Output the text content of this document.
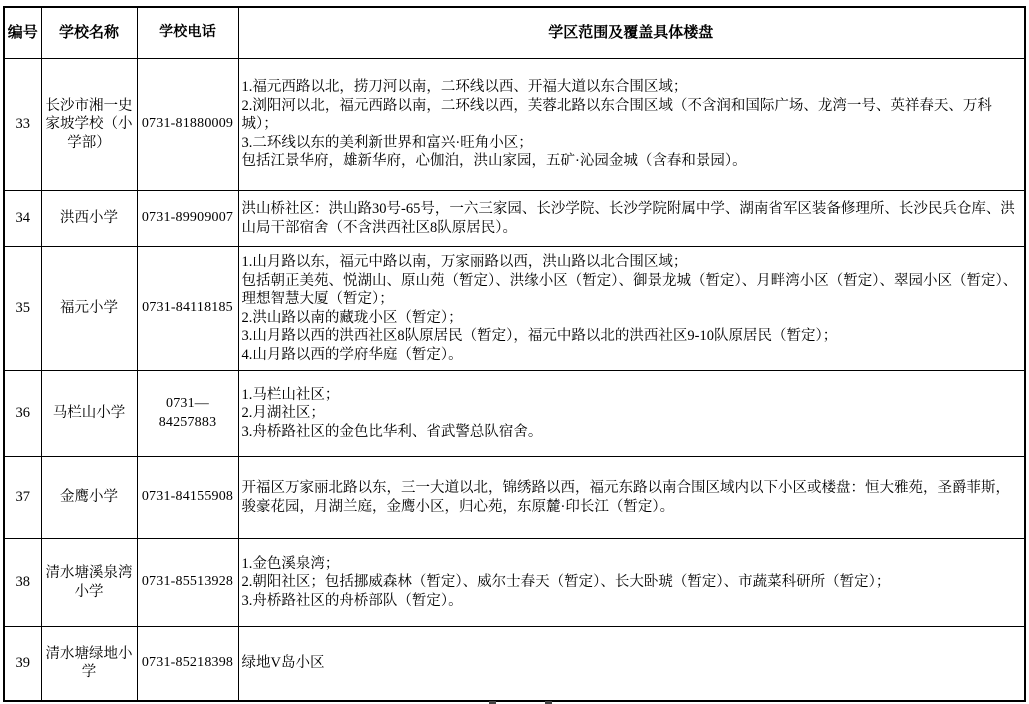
编号	学校名称	学校电话	学区范围及覆盖具体楼盘
33	长沙市湘一史家坡学校（小学部）	0731-81880009	1.福元西路以北，捞刀河以南，二环线以西、开福大道以东合围区域；
2.浏阳河以北，福元西路以南，二环线以西，芙蓉北路以东合围区域（不含润和国际广场、龙湾一号、英祥春天、万科城）；
3.二环线以东的美利新世界和富兴·旺角小区；
包括江景华府，雄新华府，心伽泊，洪山家园，五矿·沁园金城（含春和景园）。

34	洪西小学	0731-89909007	洪山桥社区：洪山路30号-65号，一六三家园、长沙学院、长沙学院附属中学、湖南省军区装备修理所、长沙民兵仓库、洪山局干部宿舍（不含洪西社区8队原居民）。

35	福元小学	0731-84118185	1.山月路以东，福元中路以南，万家丽路以西，洪山路以北合围区域；
包括朝正美苑、悦湖山、原山苑（暂定）、洪缘小区（暂定）、御景龙城（暂定）、月畔湾小区（暂定）、翠园小区（暂定）、理想智慧大厦（暂定）；
2.洪山路以南的藏珑小区（暂定）；
3.山月路以西的洪西社区8队原居民（暂定），福元中路以北的洪西社区9-10队原居民（暂定）；
4.山月路以西的学府华庭（暂定）。

36	马栏山小学	0731—84257883	1.马栏山社区；
2.月湖社区；
3.舟桥路社区的金色比华利、省武警总队宿舍。

37	金鹰小学	0731-84155908	开福区万家丽北路以东，三一大道以北，锦绣路以西，福元东路以南合围区域内以下小区或楼盘：恒大雅苑，圣爵菲斯，骏豪花园，月湖兰庭，金鹰小区，归心苑，东原麓·印长江（暂定）。

38	清水塘溪泉湾小学	0731-85513928	1.金色溪泉湾；
2.朝阳社区；包括挪威森林（暂定）、威尔士春天（暂定）、长大卧琥（暂定）、市蔬菜科研所（暂定）；
3.舟桥路社区的舟桥部队（暂定）。

39	清水塘绿地小学	0731-85218398	绿地V岛小区
